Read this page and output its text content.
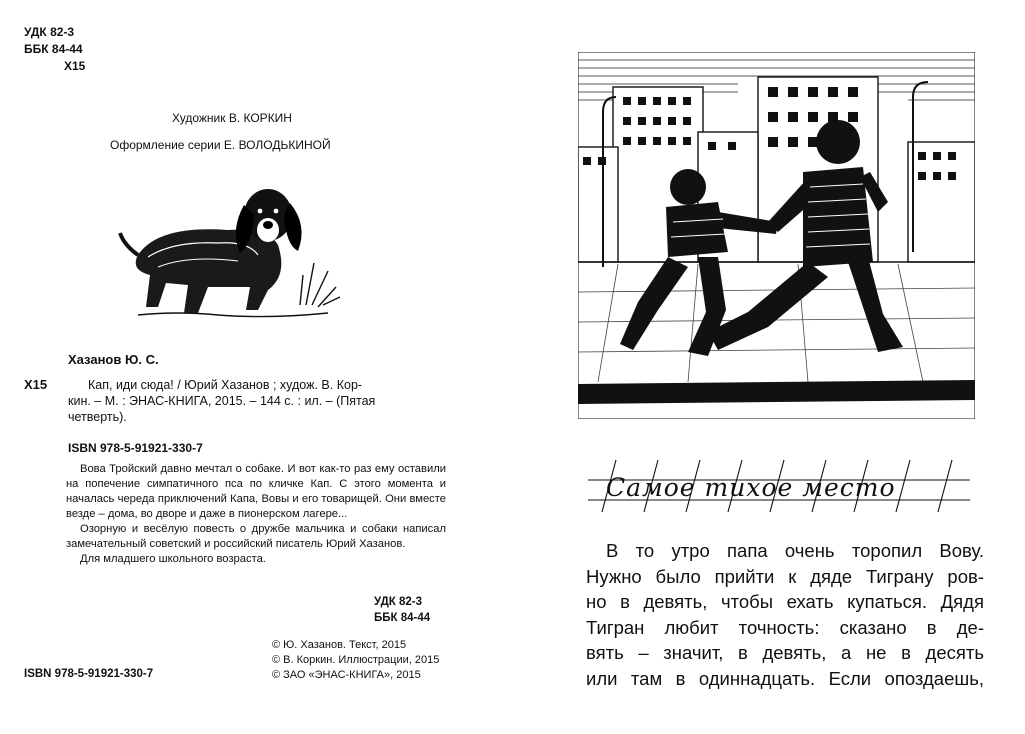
УДК 82-3
ББК 84-44
Х15
Художник В. КОРКИН
Оформление серии Е. ВОЛОДЬКИНОЙ
Хазанов Ю. С.
Х15	Кап, иди сюда! / Юрий Хазанов ; худож. В. Кор-
кин. – М. : ЭНАС-КНИГА, 2015. – 144 с. : ил. – (Пятая
четверть).
ISBN 978-5-91921-330-7

Вова Тройский давно мечтал о собаке. И вот как-то раз ему оставили на попечение симпатичного пса по кличке Кап. С этого момента и началась череда приключений Капа, Вовы и его товарищей. Они вместе везде – дома, во дворе и даже в пионерском лагере...

Озорную и весёлую повесть о дружбе мальчика и собаки написал замечательный советский и российский писатель Юрий Хазанов.

Для младшего школьного возраста.

УДК 82-3
ББК 84-44
© Ю. Хазанов. Текст, 2015
© В. Коркин. Иллюстрации, 2015
© ЗАО «ЭНАС-КНИГА», 2015
ISBN 978-5-91921-330-7
Самое тихое место

В то утро папа очень торопил Вову.

Нужно было прийти к дяде Тиграну ров-

но в девять, чтобы ехать купаться. Дядя

Тигран любит точность: сказано в де-

вять – значит, в девять, а не в десять

или там в одиннадцать. Если опоздаешь,
